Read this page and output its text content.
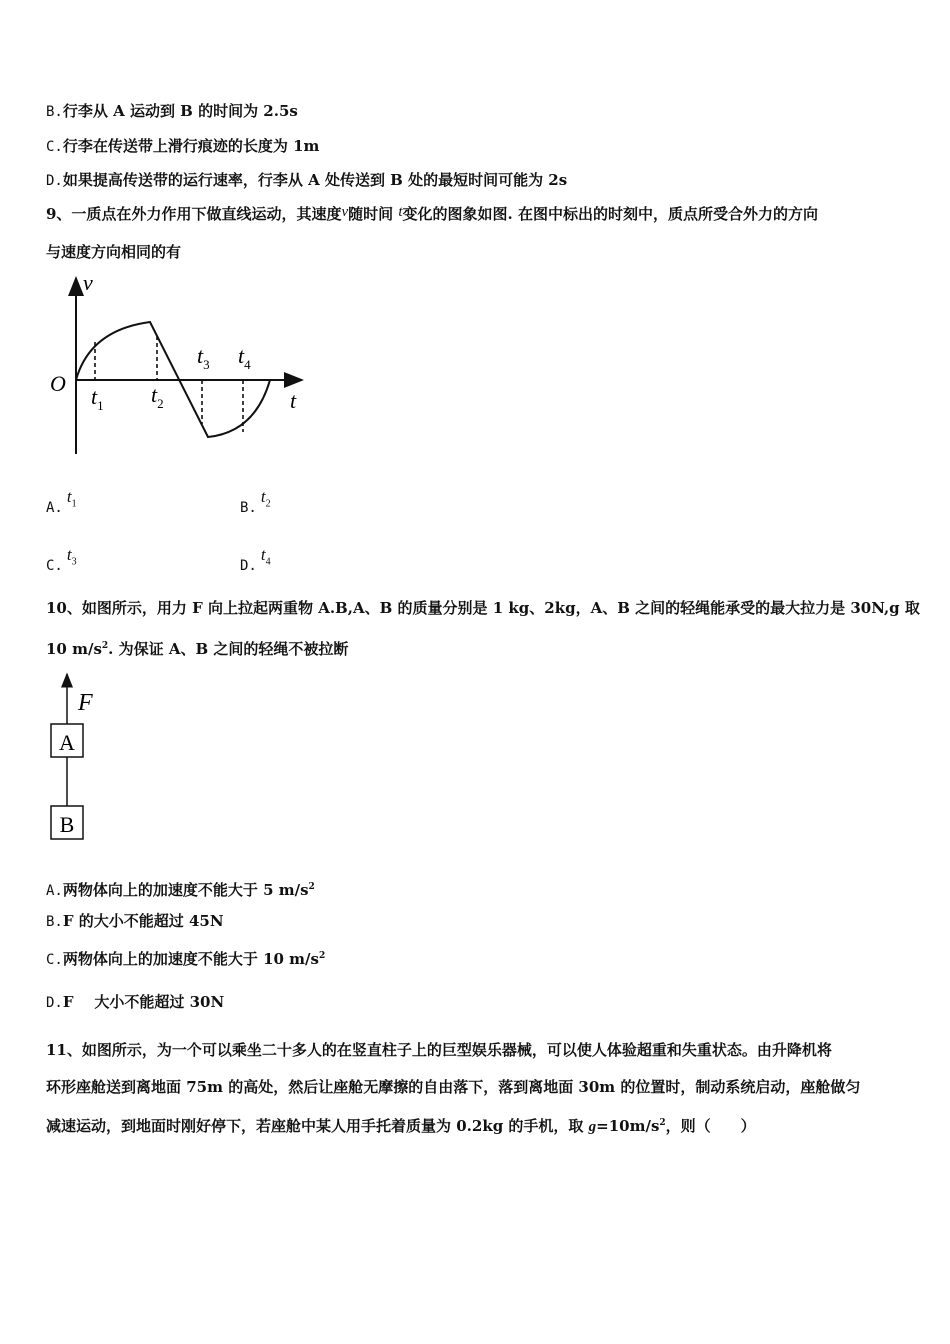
B.行李从 A 运动到 B 的时间为 2.5s
C.行李在传送带上滑行痕迹的长度为 1m
D.如果提高传送带的运行速率，行李从 A 处传送到 B 处的最短时间可能为 2s
9、一质点在外力作用下做直线运动，其速度v随时间 t变化的图象如图. 在图中标出的时刻中，质点所受合外力的方向
与速度方向相同的有
v
t
O
$t_1$ $t_2$
$t_3$ $t_4$
$A.t_1$	$B.t_2$
$C.t_3$	$D.t_4$
10、如图所示，用力 F 向上拉起两重物 A.B,A、B 的质量分别是 1 kg、2kg，A、B 之间的轻绳能承受的最大拉力是 30N,g 取
10 $m/s^2$. 为保证 A、B 之间的轻绳不被拉断
F
A
B
A.两物体向上的加速度不能大于 5 $m/s^2$
B.F 的大小不能超过 45N
C.两物体向上的加速度不能大于 10 $m/s^2$
D.F    大小不能超过 30N
11、如图所示，为一个可以乘坐二十多人的在竖直柱子上的巨型娱乐器械，可以使人体验超重和失重状态。由升降机将
环形座舱送到离地面 75m 的高处，然后让座舱无摩擦的自由落下，落到离地面 30m 的位置时，制动系统启动，座舱做匀
减速运动，到地面时刚好停下，若座舱中某人用手托着质量为 0.2kg 的手机，取 $g=10m/s^2$，则（　　）
